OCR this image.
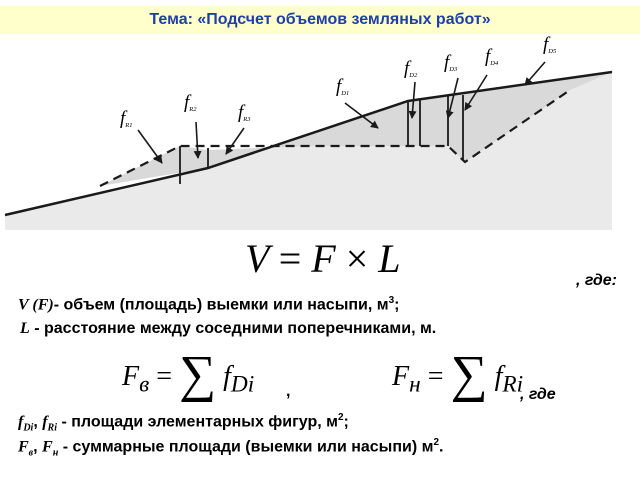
Тема: «Подсчет объемов земляных работ»
fR1
fR2 fR3
fD1
fD2
fD3
fD4
fD5
V = F × L	, где:
V (F)- объем (площадь) выемки или насыпи, $м^3$;
L - расстояние между соседними поперечниками, м.
$F_в$ = ∑ $f_{Di}$ ,	$F_н$ = ∑ $f_{Ri}$
, где
$f_{Di}$, $f_{Ri}$ - площади элементарных фигур, $м^2$;
$F_в$, $F_н$ - суммарные площади (выемки или насыпи) $м^2$.
